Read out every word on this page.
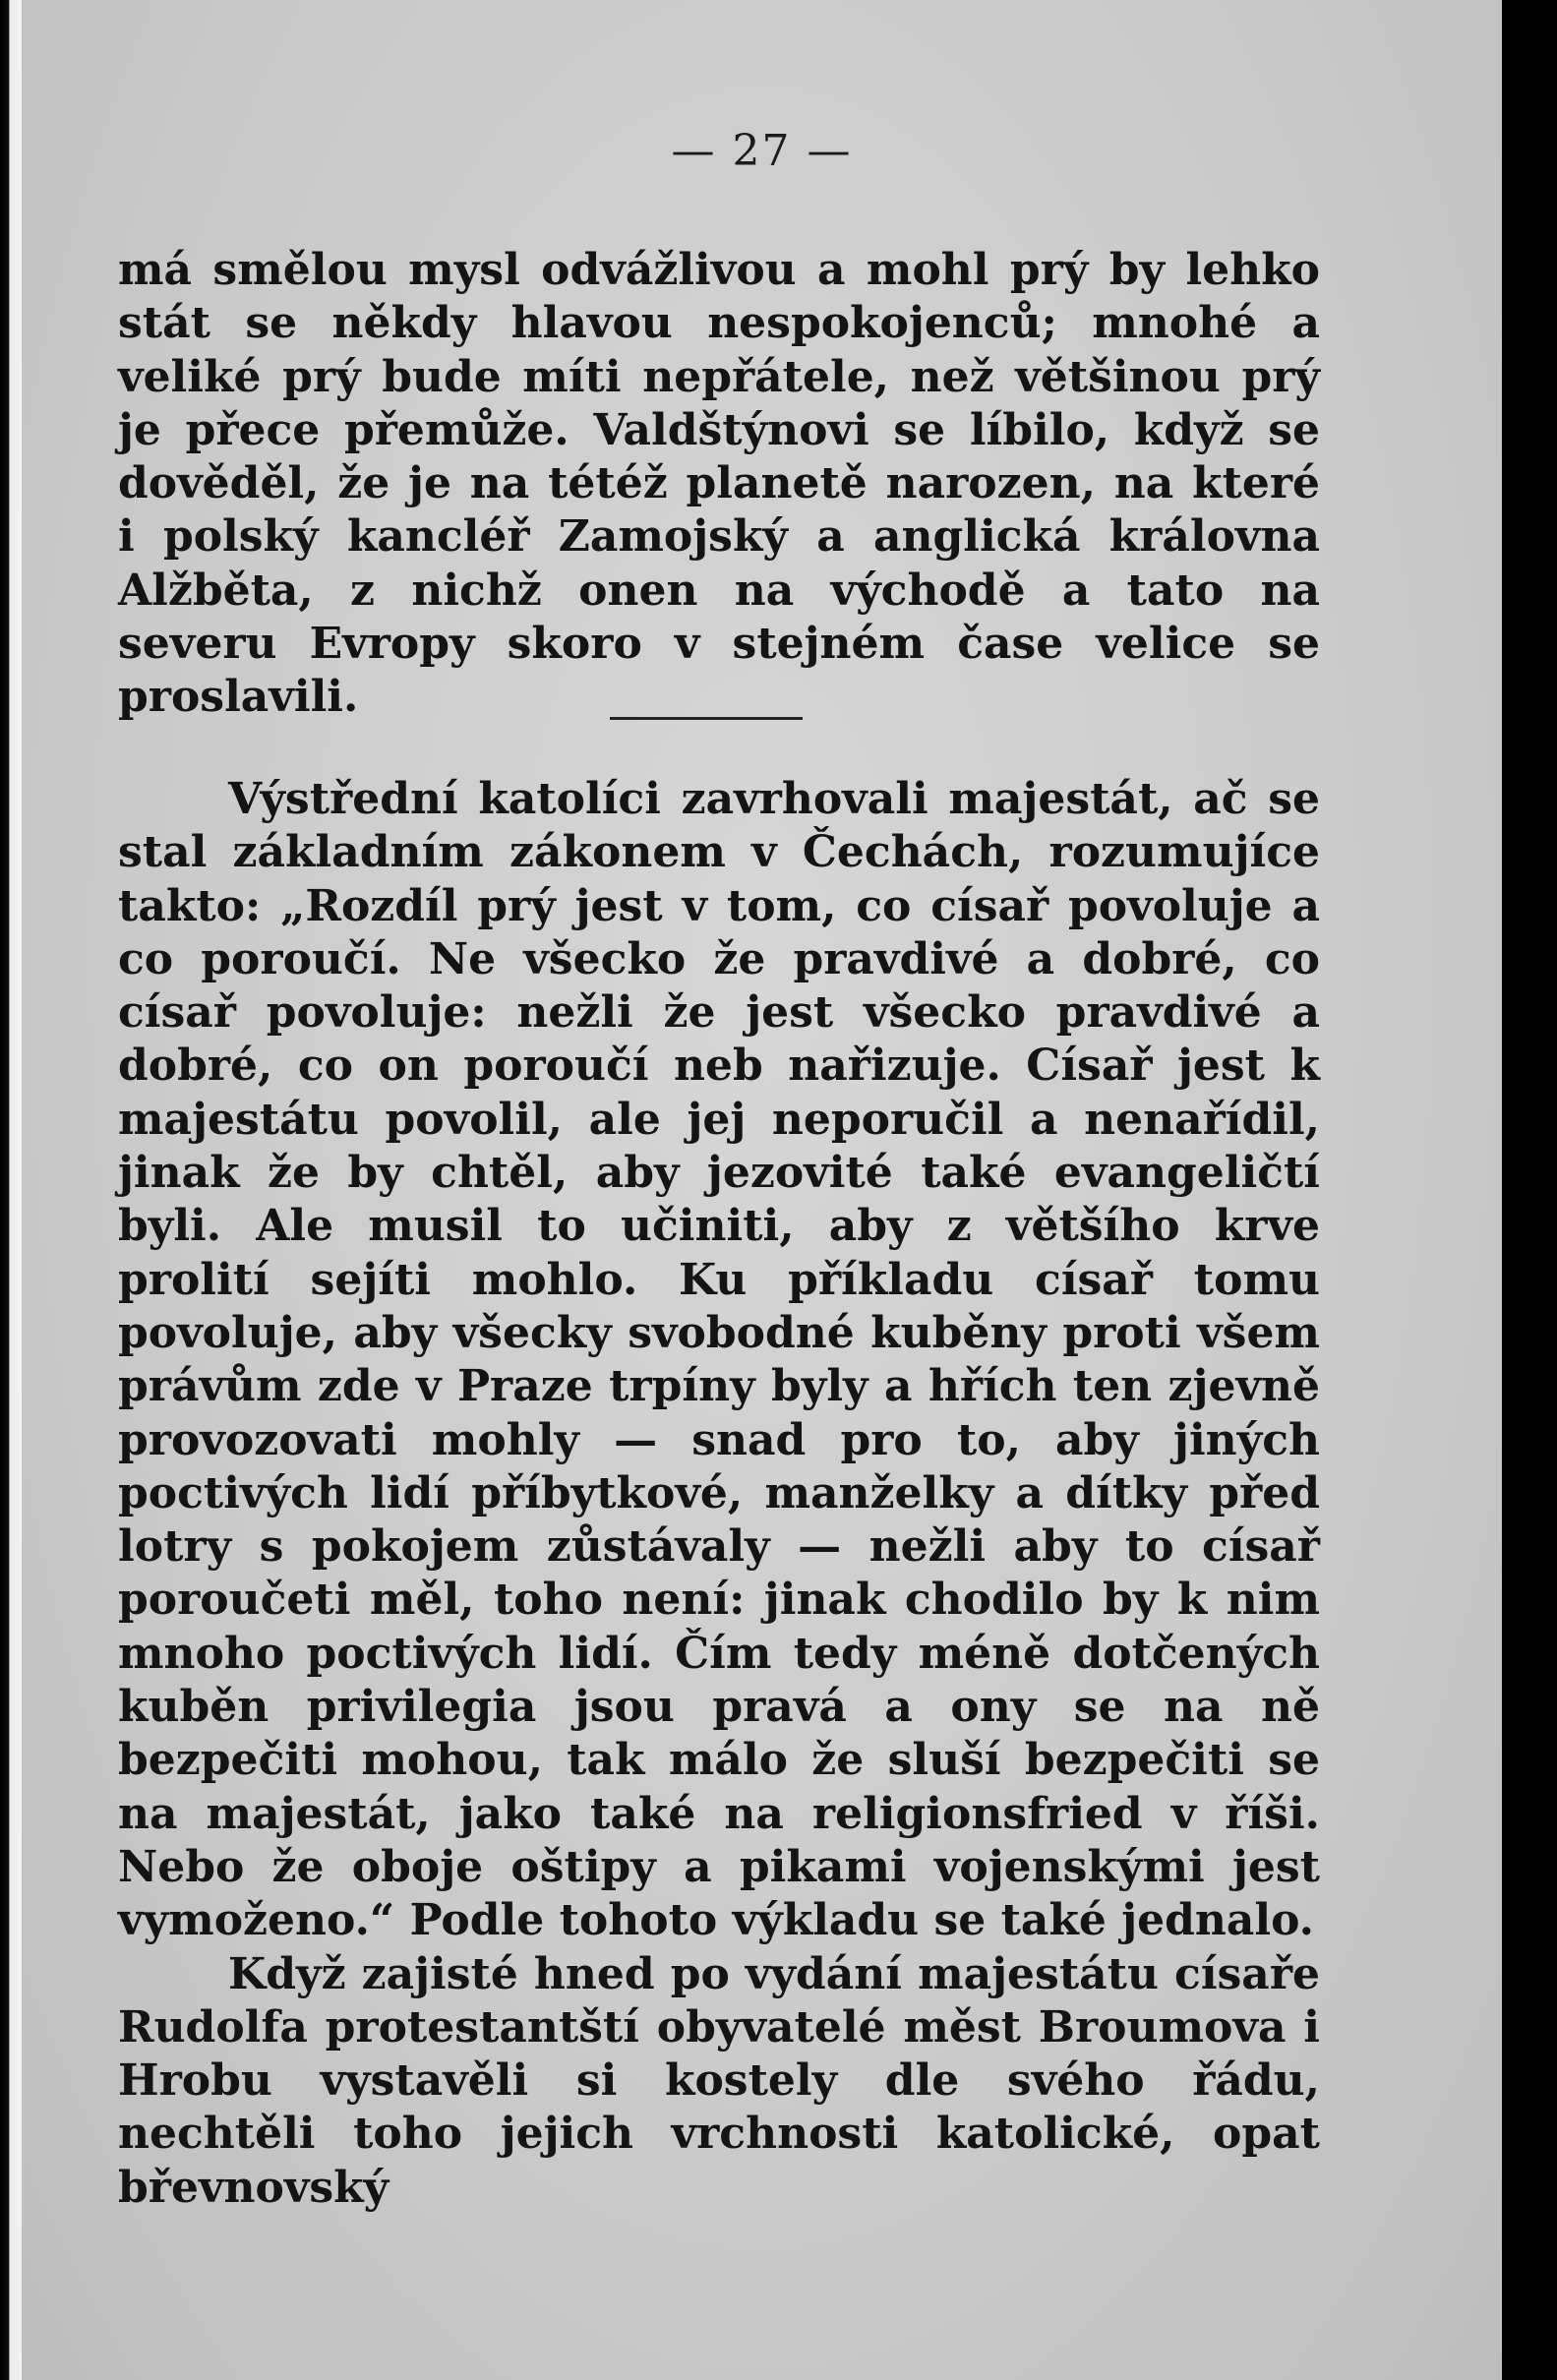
— 27 —

má smělou mysl odvážlivou a mohl prý by lehko stát se někdy hlavou nespokojenců; mnohé a veliké prý bude míti nepřátele, než většinou prý je přece přemůže. Valdštýnovi se líbilo, když se dověděl, že je na tétéž planetě narozen, na které i polský kancléř Zamojský a anglická královna Alžběta, z nichž onen na východě a tato na severu Evropy skoro v stejném čase velice se proslavili.

Výstřední katolíci zavrhovali majestát, ač se stal základním zákonem v Čechách, rozumujíce takto: „Rozdíl prý jest v tom, co císař povoluje a co poroučí. Ne všecko že pravdivé a dobré, co císař povoluje: nežli že jest všecko pravdivé a dobré, co on poroučí neb nařizuje. Císař jest k majestátu povolil, ale jej neporučil a nenařídil, jinak že by chtěl, aby jezovité také evangeličtí byli. Ale musil to učiniti, aby z většího krve prolití sejíti mohlo. Ku příkladu císař tomu povoluje, aby všecky svobodné kuběny proti všem právům zde v Praze trpíny byly a hřích ten zjevně provozovati mohly — snad pro to, aby jiných poctivých lidí příbytkové, manželky a dítky před lotry s pokojem zůstávaly — nežli aby to císař poroučeti měl, toho není: jinak chodilo by k nim mnoho poctivých lidí. Čím tedy méně dotčených kuběn privilegia jsou pravá a ony se na ně bezpečiti mohou, tak málo že sluší bezpečiti se na majestát, jako také na religionsfried v říši. Nebo že oboje oštipy a pikami vojenskými jest vymoženo.“ Podle tohoto výkladu se také jednalo.

Když zajisté hned po vydání majestátu císaře Rudolfa protestantští obyvatelé měst Broumova i Hrobu vystavěli si kostely dle svého řádu, nechtěli toho jejich vrchnosti katolické, opat břevnovský
